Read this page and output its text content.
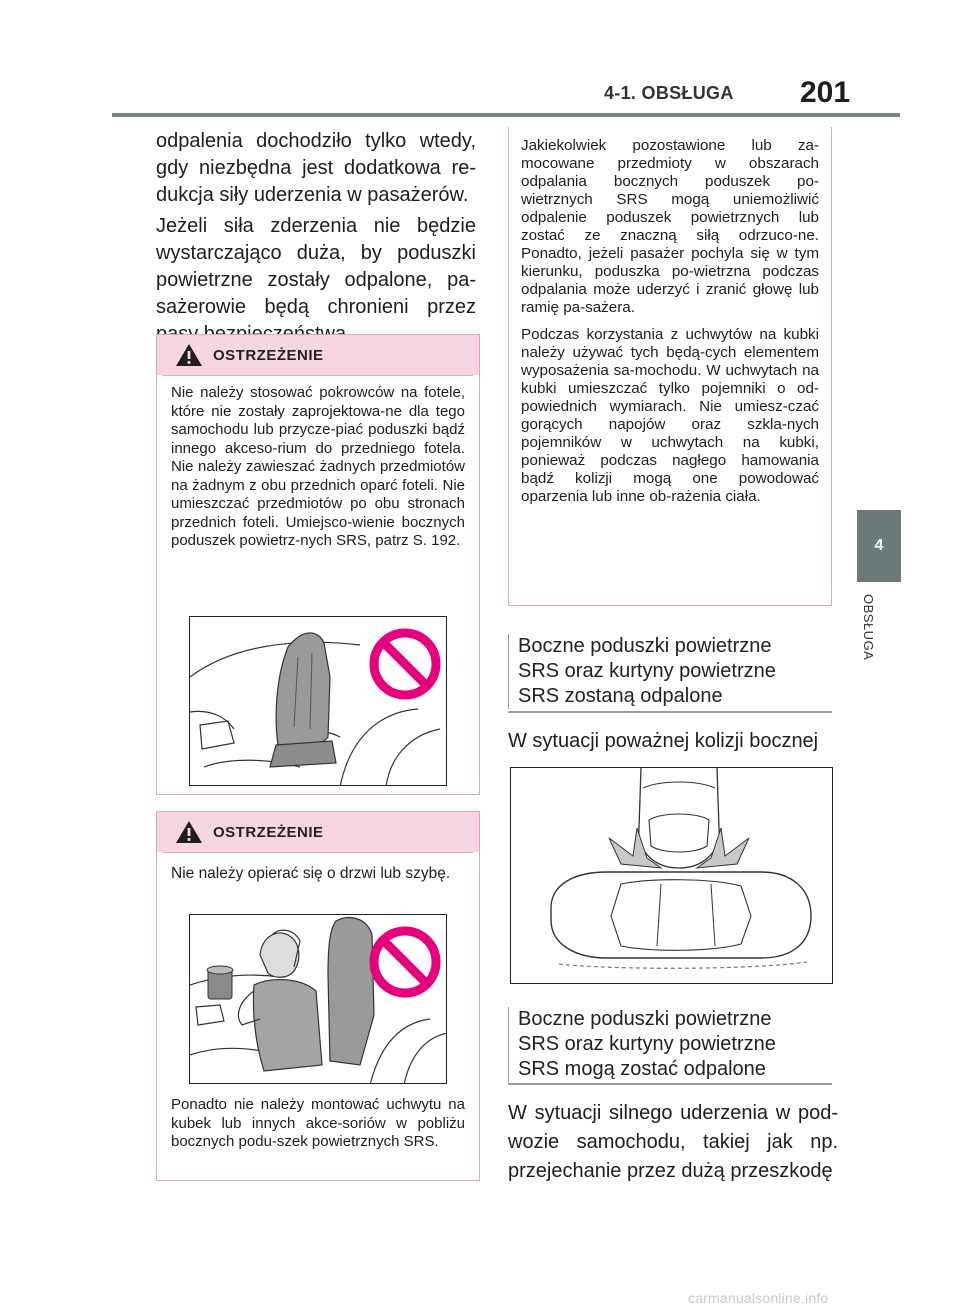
4-1. OBSŁUGA 201
4
OBSŁUGA
odpalenia dochodziło tylko wtedy, gdy niezbędna jest dodatkowa re-dukcja siły uderzenia w pasażerów.
Jeżeli siła zderzenia nie będzie wystarczająco duża, by poduszki powietrzne zostały odpalone, pa-sażerowie będą chronieni przez
OSTRZEŻENIE
Nie należy stosować pokrowców na fotele, które nie zostały zaprojektowa-ne dla tego samochodu lub przycze-piać poduszki bądź innego akceso-rium do przedniego fotela. Nie należy zawieszać żadnych przedmiotów na żadnym z obu przednich oparć foteli. Nie umieszczać przedmiotów po obu stronach przednich foteli. Umiejsco-wienie bocznych poduszek powietrz-nych SRS, patrz S. 192.
OSTRZEŻENIE
Nie należy opierać się o drzwi lub szybę.
Ponadto nie należy montować uchwytu na kubek lub innych akce-soriów w pobliżu bocznych podu-szek powietrznych SRS.

Jakiekolwiek pozostawione lub za-mocowane przedmioty w obszarach odpalania bocznych poduszek po-wietrznych SRS mogą uniemożliwić odpalenie poduszek powietrznych lub zostać ze znaczną siłą odrzuco-ne. Ponadto, jeżeli pasażer pochyla się w tym kierunku, poduszka po-wietrzna podczas odpalania może uderzyć i zranić głowę lub ramię pa-sażera.

Podczas korzystania z uchwytów na kubki należy używać tych będą-cych elementem wyposażenia sa-mochodu. W uchwytach na kubki umieszczać tylko pojemniki o od-powiednich wymiarach. Nie umiesz-czać gorących napojów oraz szkla-nych pojemników w uchwytach na kubki, ponieważ podczas nagłego hamowania bądź kolizji mogą one powodować oparzenia lub inne ob-rażenia ciała.

Boczne poduszki powietrzne
SRS oraz kurtyny powietrzne
SRS zostaną odpalone
W sytuacji poważnej kolizji bocznej
Boczne poduszki powietrzne
SRS oraz kurtyny powietrzne
SRS mogą zostać odpalone
W sytuacji silnego uderzenia w pod-wozie samochodu, takiej jak np. przejechanie przez dużą przeszkodę
carmanualsonline.info
